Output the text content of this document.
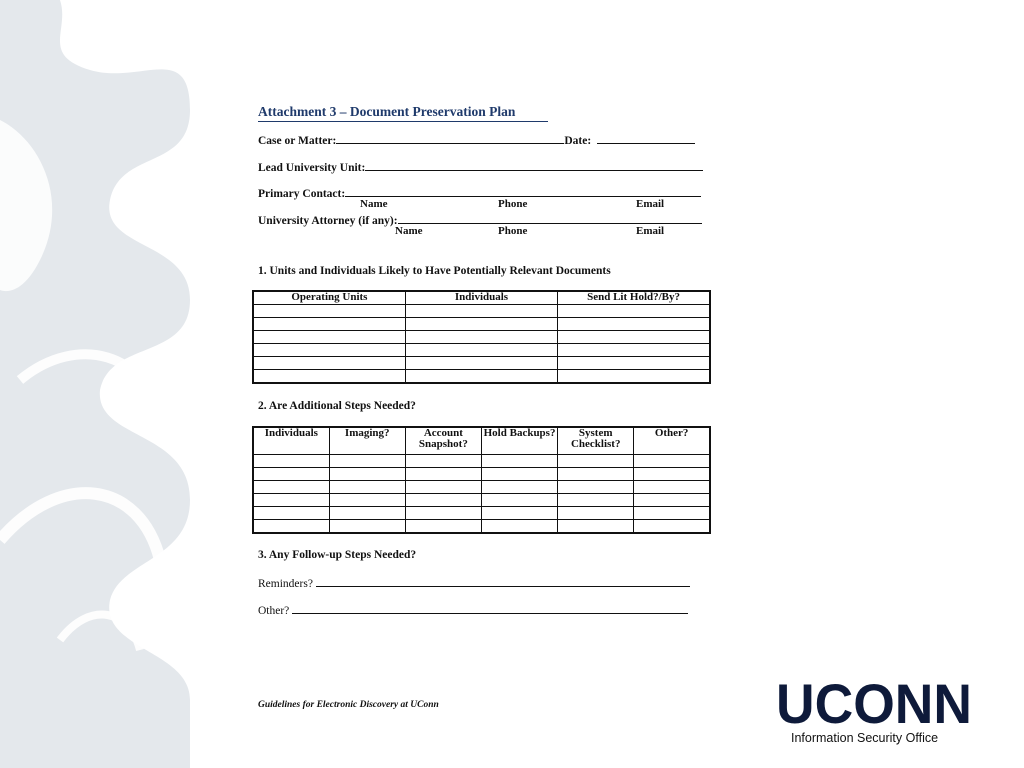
Attachment 3 – Document Preservation Plan
Case or Matter:	Date:
Lead University Unit:
Primary Contact:
Name	Phone	Email
University Attorney (if any):
Name	Phone	Email
1. Units and Individuals Likely to Have Potentially Relevant Documents
Operating Units	Individuals	Send Lit Hold?/By?

2. Are Additional Steps Needed?
Individuals	Imaging?	Account Snapshot?	Hold Backups?	System Checklist?	Other?

3. Any Follow-up Steps Needed?
Reminders?
Other?
Guidelines for Electronic Discovery at UConn	UCONN
Information Security Office
